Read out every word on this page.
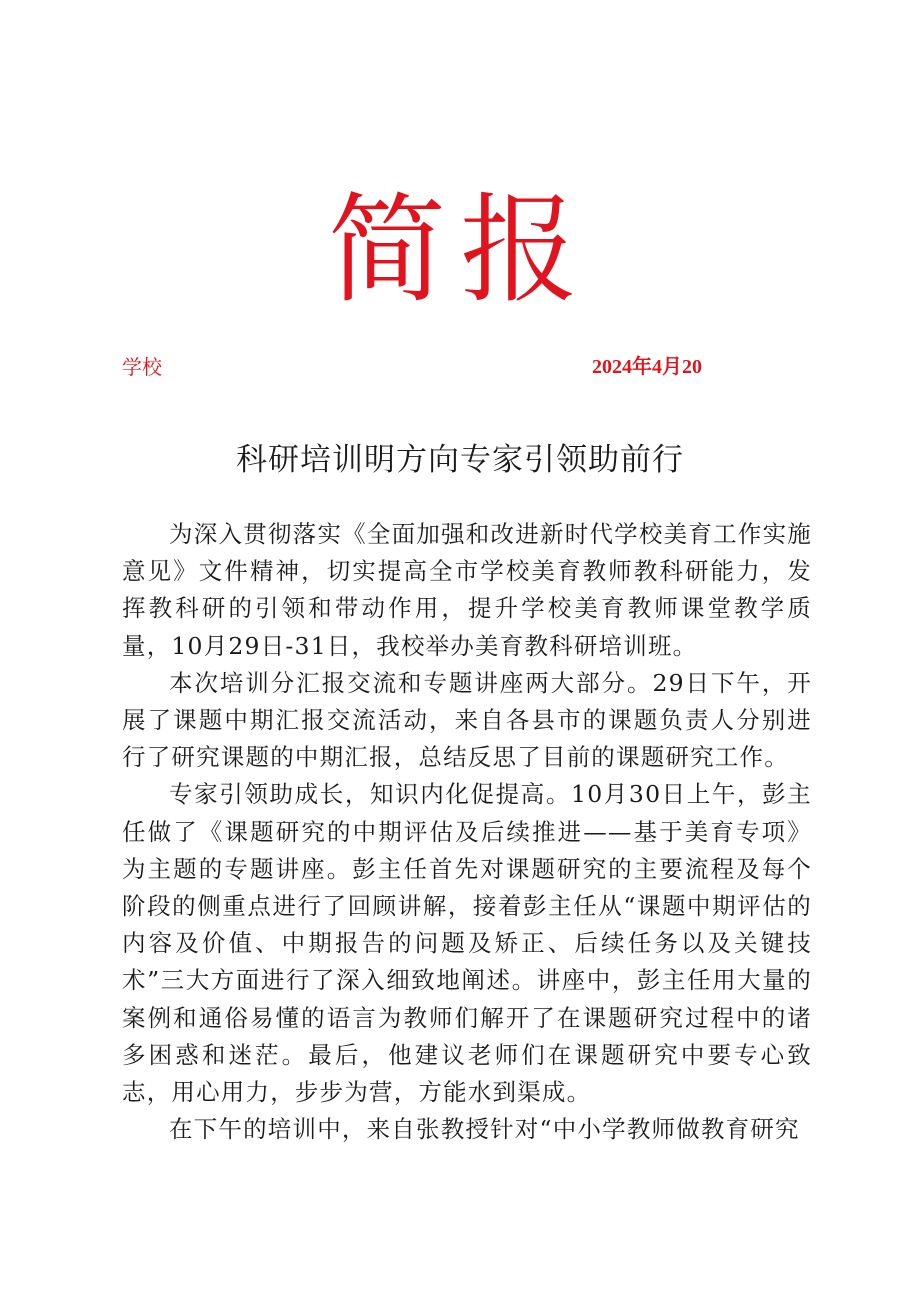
简报
学校	2024年4月20
科研培训明方向专家引领助前行

为深入贯彻落实《全面加强和改进新时代学校美育工作实施意见》文件精神，切实提高全市学校美育教师教科研能力，发挥教科研的引领和带动作用，提升学校美育教师课堂教学质量，10月29日-31日，我校举办美育教科研培训班。

本次培训分汇报交流和专题讲座两大部分。29日下午，开展了课题中期汇报交流活动，来自各县市的课题负责人分别进行了研究课题的中期汇报，总结反思了目前的课题研究工作。

专家引领助成长，知识内化促提高。10月30日上午，彭主任做了《课题研究的中期评估及后续推进——基于美育专项》为主题的专题讲座。彭主任首先对课题研究的主要流程及每个阶段的侧重点进行了回顾讲解，接着彭主任从“课题中期评估的内容及价值、中期报告的问题及矫正、后续任务以及关键技术”三大方面进行了深入细致地阐述。讲座中，彭主任用大量的案例和通俗易懂的语言为教师们解开了在课题研究过程中的诸多困惑和迷茫。最后，他建议老师们在课题研究中要专心致志，用心用力，步步为营，方能水到渠成。

在下午的培训中，来自张教授针对“中小学教师做教育研究
